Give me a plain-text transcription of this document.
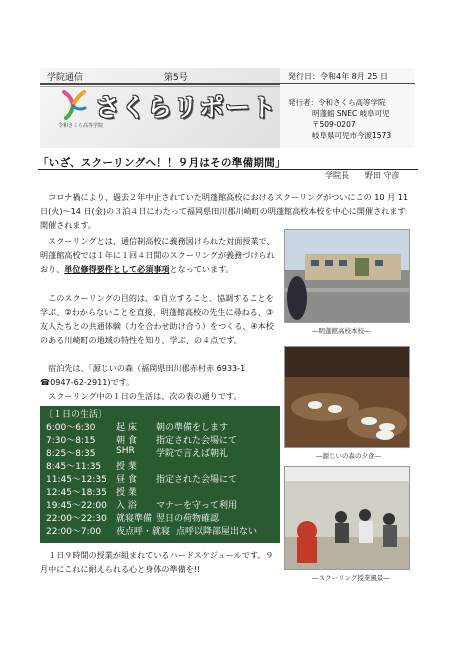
学院通信	第5号
さくらリポート
令和さくら高等学院
発行日：令和4年 8月 25 日
発行者：令和さくら高等学院
明蓬館 SNEC 岐阜可児
〒509-0207
岐阜県可児市今渡1573
「いざ、スクーリングへ！！９月はその準備期間」
学院長　　野田 守彦
コロナ禍により、過去２年中止されていた明蓬館高校におけるスクーリングがついにこの 10 月 11 日(火)～14 日(金)の３泊４日にわたって福岡県田川郡川崎町の明蓬館高校本校を中心に開催されます開催されます。
スクーリングとは、通信制高校に義務図けられた対面授業で、明蓬館高校では１年に１回４日間のスクーリングが義務づけられおり、単位修得要件として必須事項となっています。
このスクーリングの目的は、①自立すること、協調することを学ぶ、②わからないことを直接、明蓬館高校の先生に尋ねる、③友人たちとの共通体験（力を合わせ助け合う）をつくる、④本校のある川崎町の地域の特性を知り、学ぶ、の４点です。
宿泊先は、「源じいの森（福岡県田川郡赤村赤 6933-1 ☎0947-62-2911)です。
スクーリング中の１日の生活は、次の表の通りです。
〔１日の生活〕
6:00～6:30 起 床 朝の準備をします
7:30～8:15 朝 食 指定された会場にて
8:25～8:35 SHR 学院で言えば朝礼
8:45～11:35 授 業
11:45～12:35 昼 食 指定された会場にて
12:45～18:35 授 業
19:45～22:00 入 浴 マナーを守って利用
22:00～22:30 就寝準備 翌日の荷物確認
22:00～7:00 夜点呼・就寝 点呼以降部屋出ない
１日９時間の授業が組まれているハードスケジュールです。９月中にこれに耐えられる心と身体の準備を!!
―明蓬館高校本校―
―源じいの森の夕食―
―スクーリング授業風景―
